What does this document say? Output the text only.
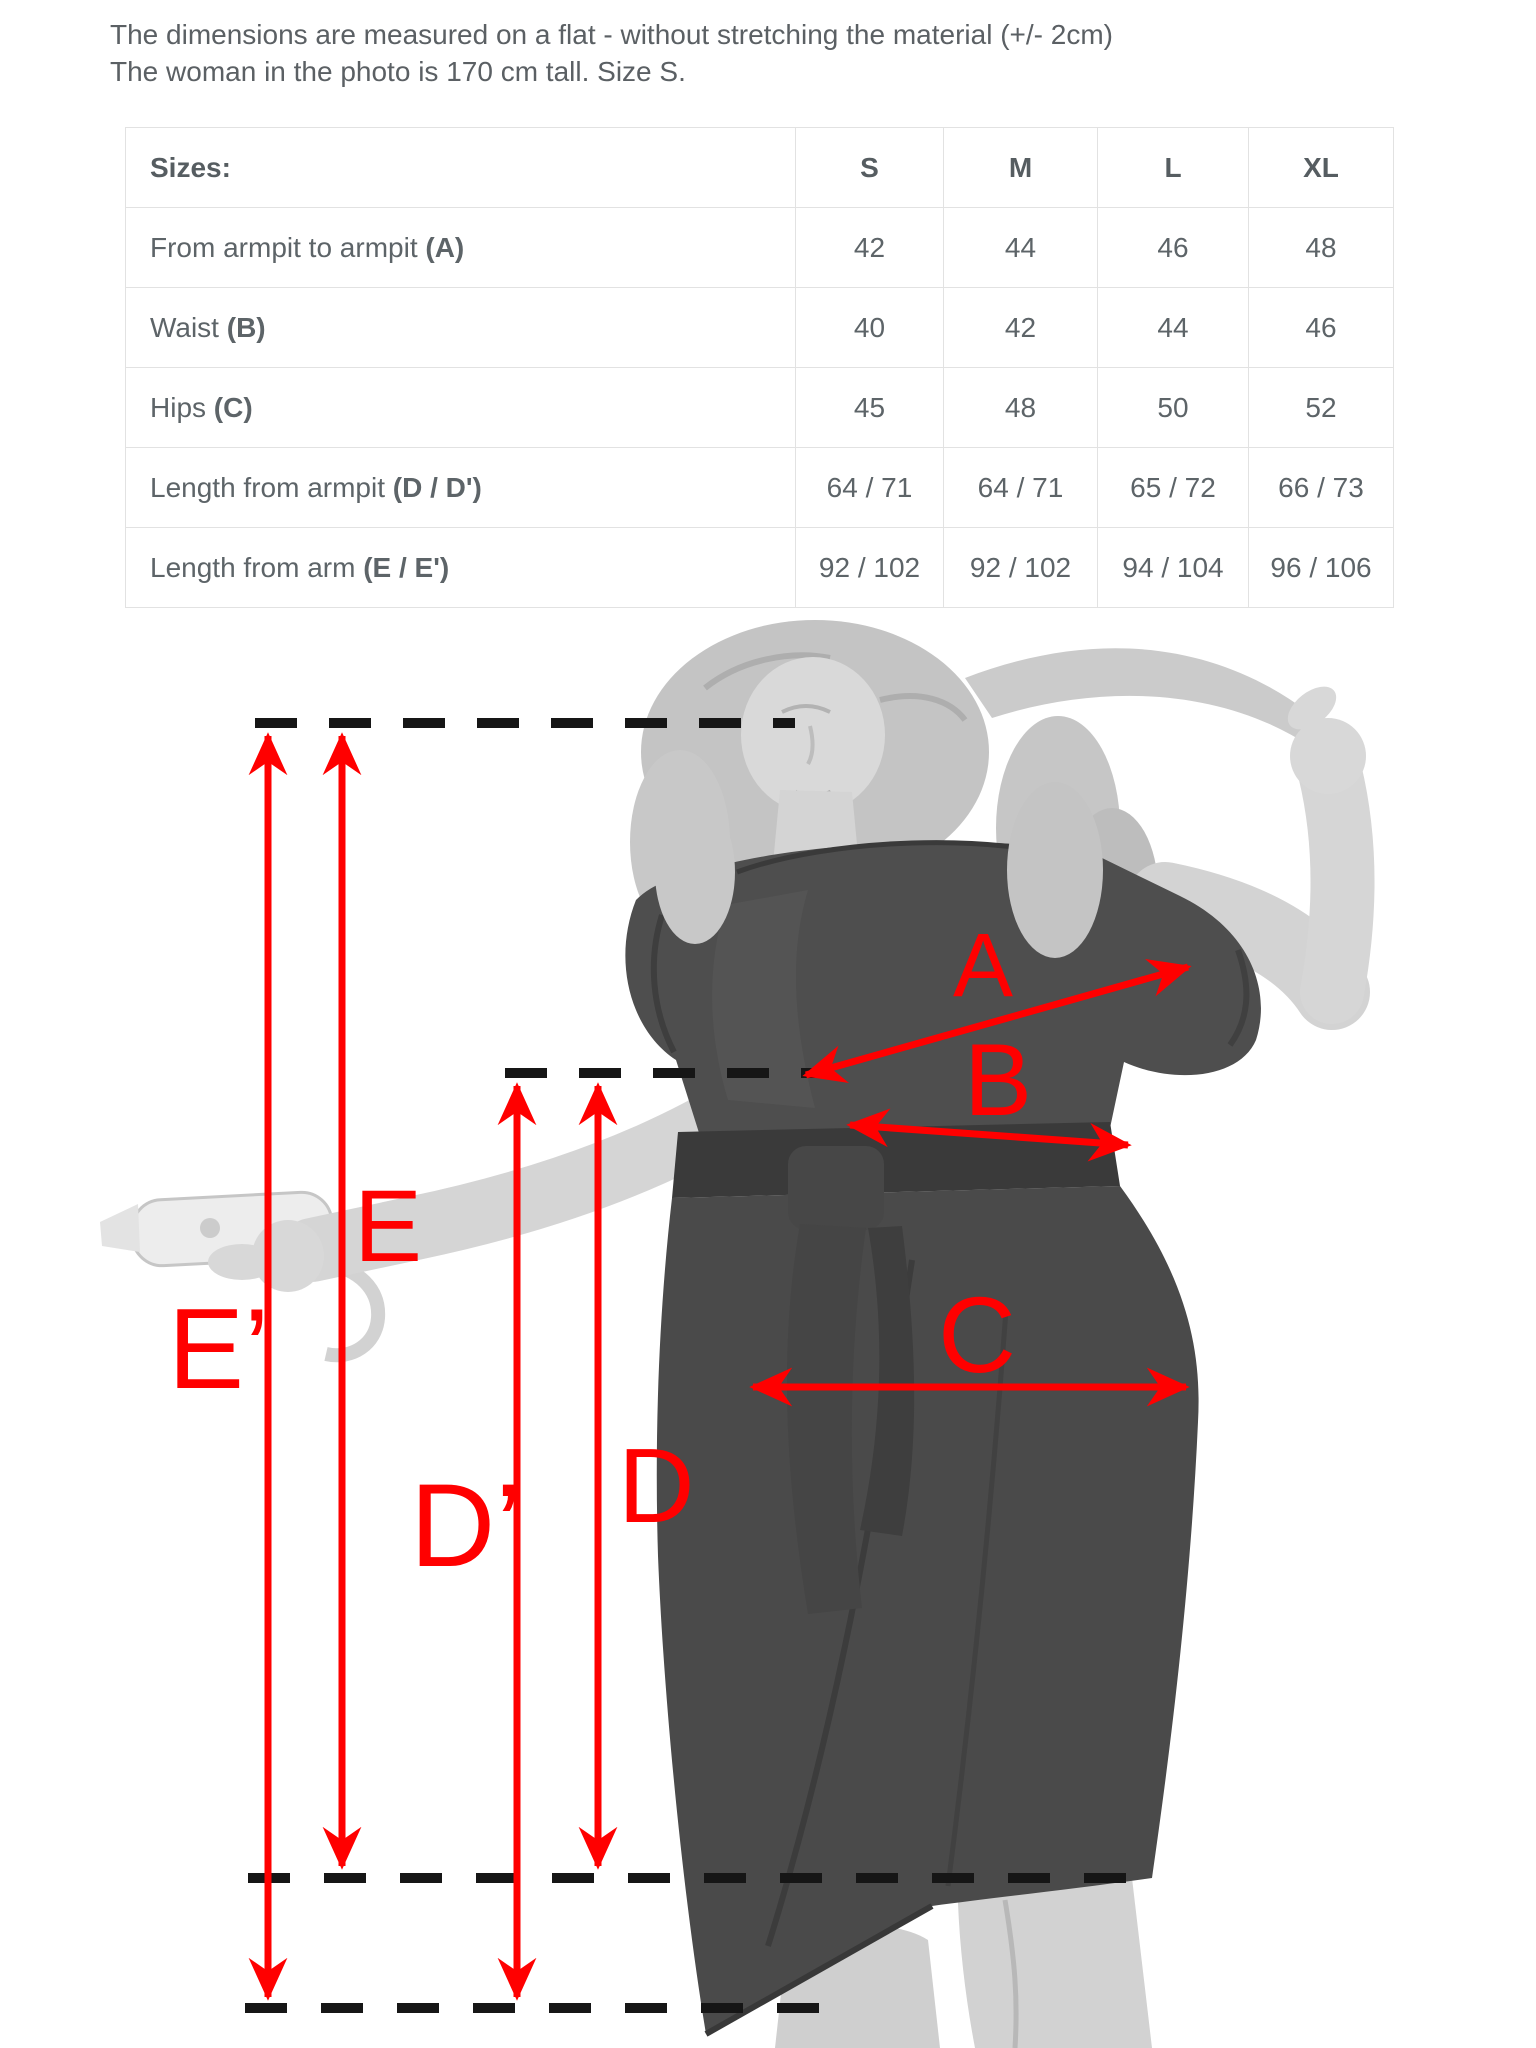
The dimensions are measured on a flat - without stretching the material (+/- 2cm)
The woman in the photo is 170 cm tall. Size S.
Sizes:	S	M	L	XL
From armpit to armpit (A)	42	44	46	48
Waist (B)	40	42	44	46
Hips (C)	45	48	50	52
Length from armpit (D / D')	64 / 71	64 / 71	65 / 72	66 / 73
Length from arm (E / E')	92 / 102	92 / 102	94 / 104	96 / 106
A
B
C
D
D’
E
E’
